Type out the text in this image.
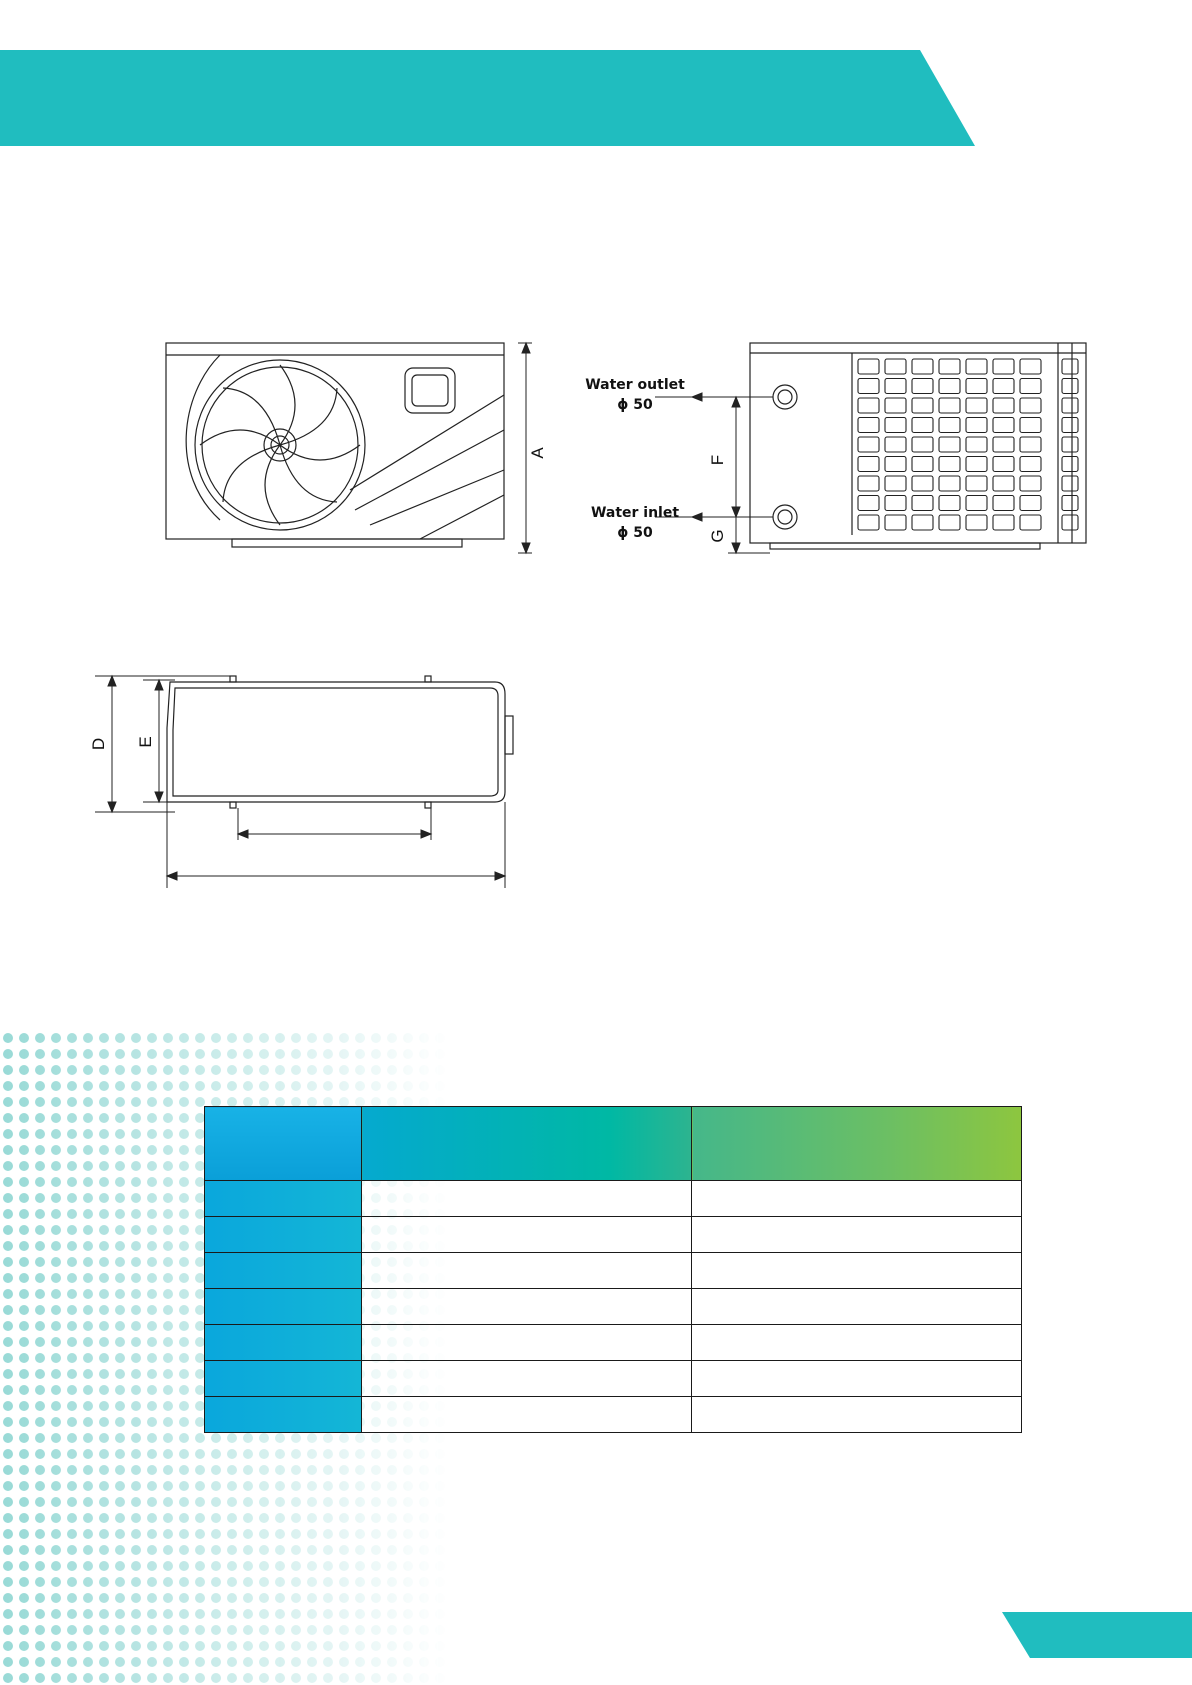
A
Water outlet
ϕ 50
Water inlet
ϕ 50
F
G
D E
